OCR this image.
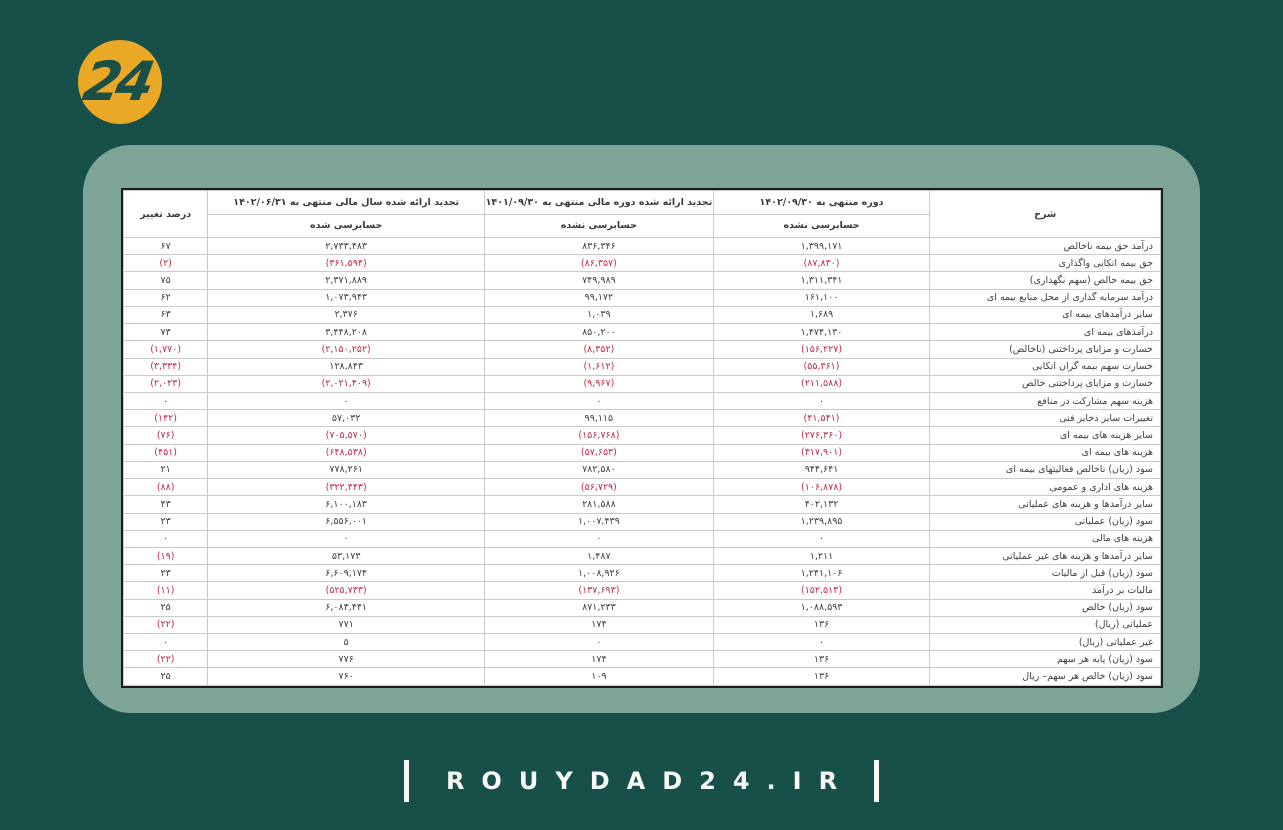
24
شرح

دوره منتهی به ۱۴۰۲/۰۹/۳۰
حسابرسی نشده

تجدید ارائه شده دوره مالی منتهی به ۱۴۰۱/۰۹/۳۰
حسابرسی نشده

تجدید ارائه شده سال مالی منتهی به ۱۴۰۲/۰۶/۳۱
حسابرسی شده

درصد تغییر

درآمد حق بیمه ناخالص	۱,۳۹۹,۱۷۱	۸۳۶,۳۴۶	۲,۷۳۳,۴۸۳	۶۷
حق بیمه اتکایی واگذاری	(۸۷,۸۳۰)	(۸۶,۳۵۷)	(۳۶۱,۵۹۴)	(۲)
حق بیمه خالص (سهم نگهداری)	۱,۳۱۱,۳۴۱	۷۴۹,۹۸۹	۲,۳۷۱,۸۸۹	۷۵
درآمد سرمایه گذاری از محل منابع بیمه ای	۱۶۱,۱۰۰	۹۹,۱۷۲	۱,۰۷۳,۹۴۳	۶۲
سایر درآمدهای بیمه ای	۱,۶۸۹	۱,۰۳۹	۲,۳۷۶	۶۳
درآمدهای بیمه ای	۱,۴۷۴,۱۳۰	۸۵۰,۲۰۰	۳,۴۴۸,۲۰۸	۷۳
خسارت و مزایای پرداختنی (ناخالص)	(۱۵۶,۲۲۷)	(۸,۳۵۲)	(۲,۱۵۰,۲۵۲)	(۱,۷۷۰)
خسارت سهم بیمه گران اتکایی	(۵۵,۳۶۱)	(۱,۶۱۲)	۱۲۸,۸۴۳	(۳,۳۳۴)
خسارت و مزایای پرداختنی خالص	(۲۱۱,۵۸۸)	(۹,۹۶۷)	(۲,۰۲۱,۴۰۹)	(۲,۰۲۳)
هزینه سهم مشارکت در منافع	۰	۰	۰	۰
تغییرات سایر ذخایر فنی	(۴۱,۵۴۱)	۹۹,۱۱۵	۵۷,۰۳۲	(۱۴۲)
سایر هزینه های بیمه ای	(۲۷۶,۳۶۰)	(۱۵۶,۷۶۸)	(۷۰۵,۵۷۰)	(۷۶)
هزینه های بیمه ای	(۳۱۷,۹۰۱)	(۵۷,۶۵۳)	(۶۴۸,۵۳۸)	(۴۵۱)
سود (زیان) ناخالص فعالیتهای بیمه ای	۹۴۴,۶۴۱	۷۸۲,۵۸۰	۷۷۸,۲۶۱	۲۱
هزینه های اداری و عمومی	(۱۰۶,۸۷۸)	(۵۶,۷۲۹)	(۳۲۲,۴۴۳)	(۸۸)
سایر درآمدها و هزینه های عملیاتی	۴۰۲,۱۳۲	۲۸۱,۵۸۸	۶,۱۰۰,۱۸۳	۴۳
سود (زیان) عملیاتی	۱,۲۳۹,۸۹۵	۱,۰۰۷,۴۳۹	۶,۵۵۶,۰۰۱	۲۳
هزینه های مالی	۰	۰	۰	۰
سایر درآمدها و هزینه های غیر عملیاتی	۱,۲۱۱	۱,۴۸۷	۵۳,۱۷۳	(۱۹)
سود (زیان) قبل از مالیات	۱,۲۴۱,۱۰۶	۱,۰۰۸,۹۲۶	۶,۶۰۹,۱۷۴	۲۳
مالیات بر درآمد	(۱۵۲,۵۱۳)	(۱۳۷,۶۹۳)	(۵۲۵,۷۳۳)	(۱۱)
سود (زیان) خالص	۱,۰۸۸,۵۹۳	۸۷۱,۲۳۳	۶,۰۸۳,۴۴۱	۲۵
عملیاتی (ریال)	۱۳۶	۱۷۴	۷۷۱	(۲۲)
غیر عملیاتی (ریال)	۰	۰	۵	۰
سود (زیان) پایه هر سهم	۱۳۶	۱۷۴	۷۷۶	(۲۲)
سود (زیان) خالص هر سهم– ریال	۱۳۶	۱۰۹	۷۶۰	۲۵
ROUYDAD24.IR
